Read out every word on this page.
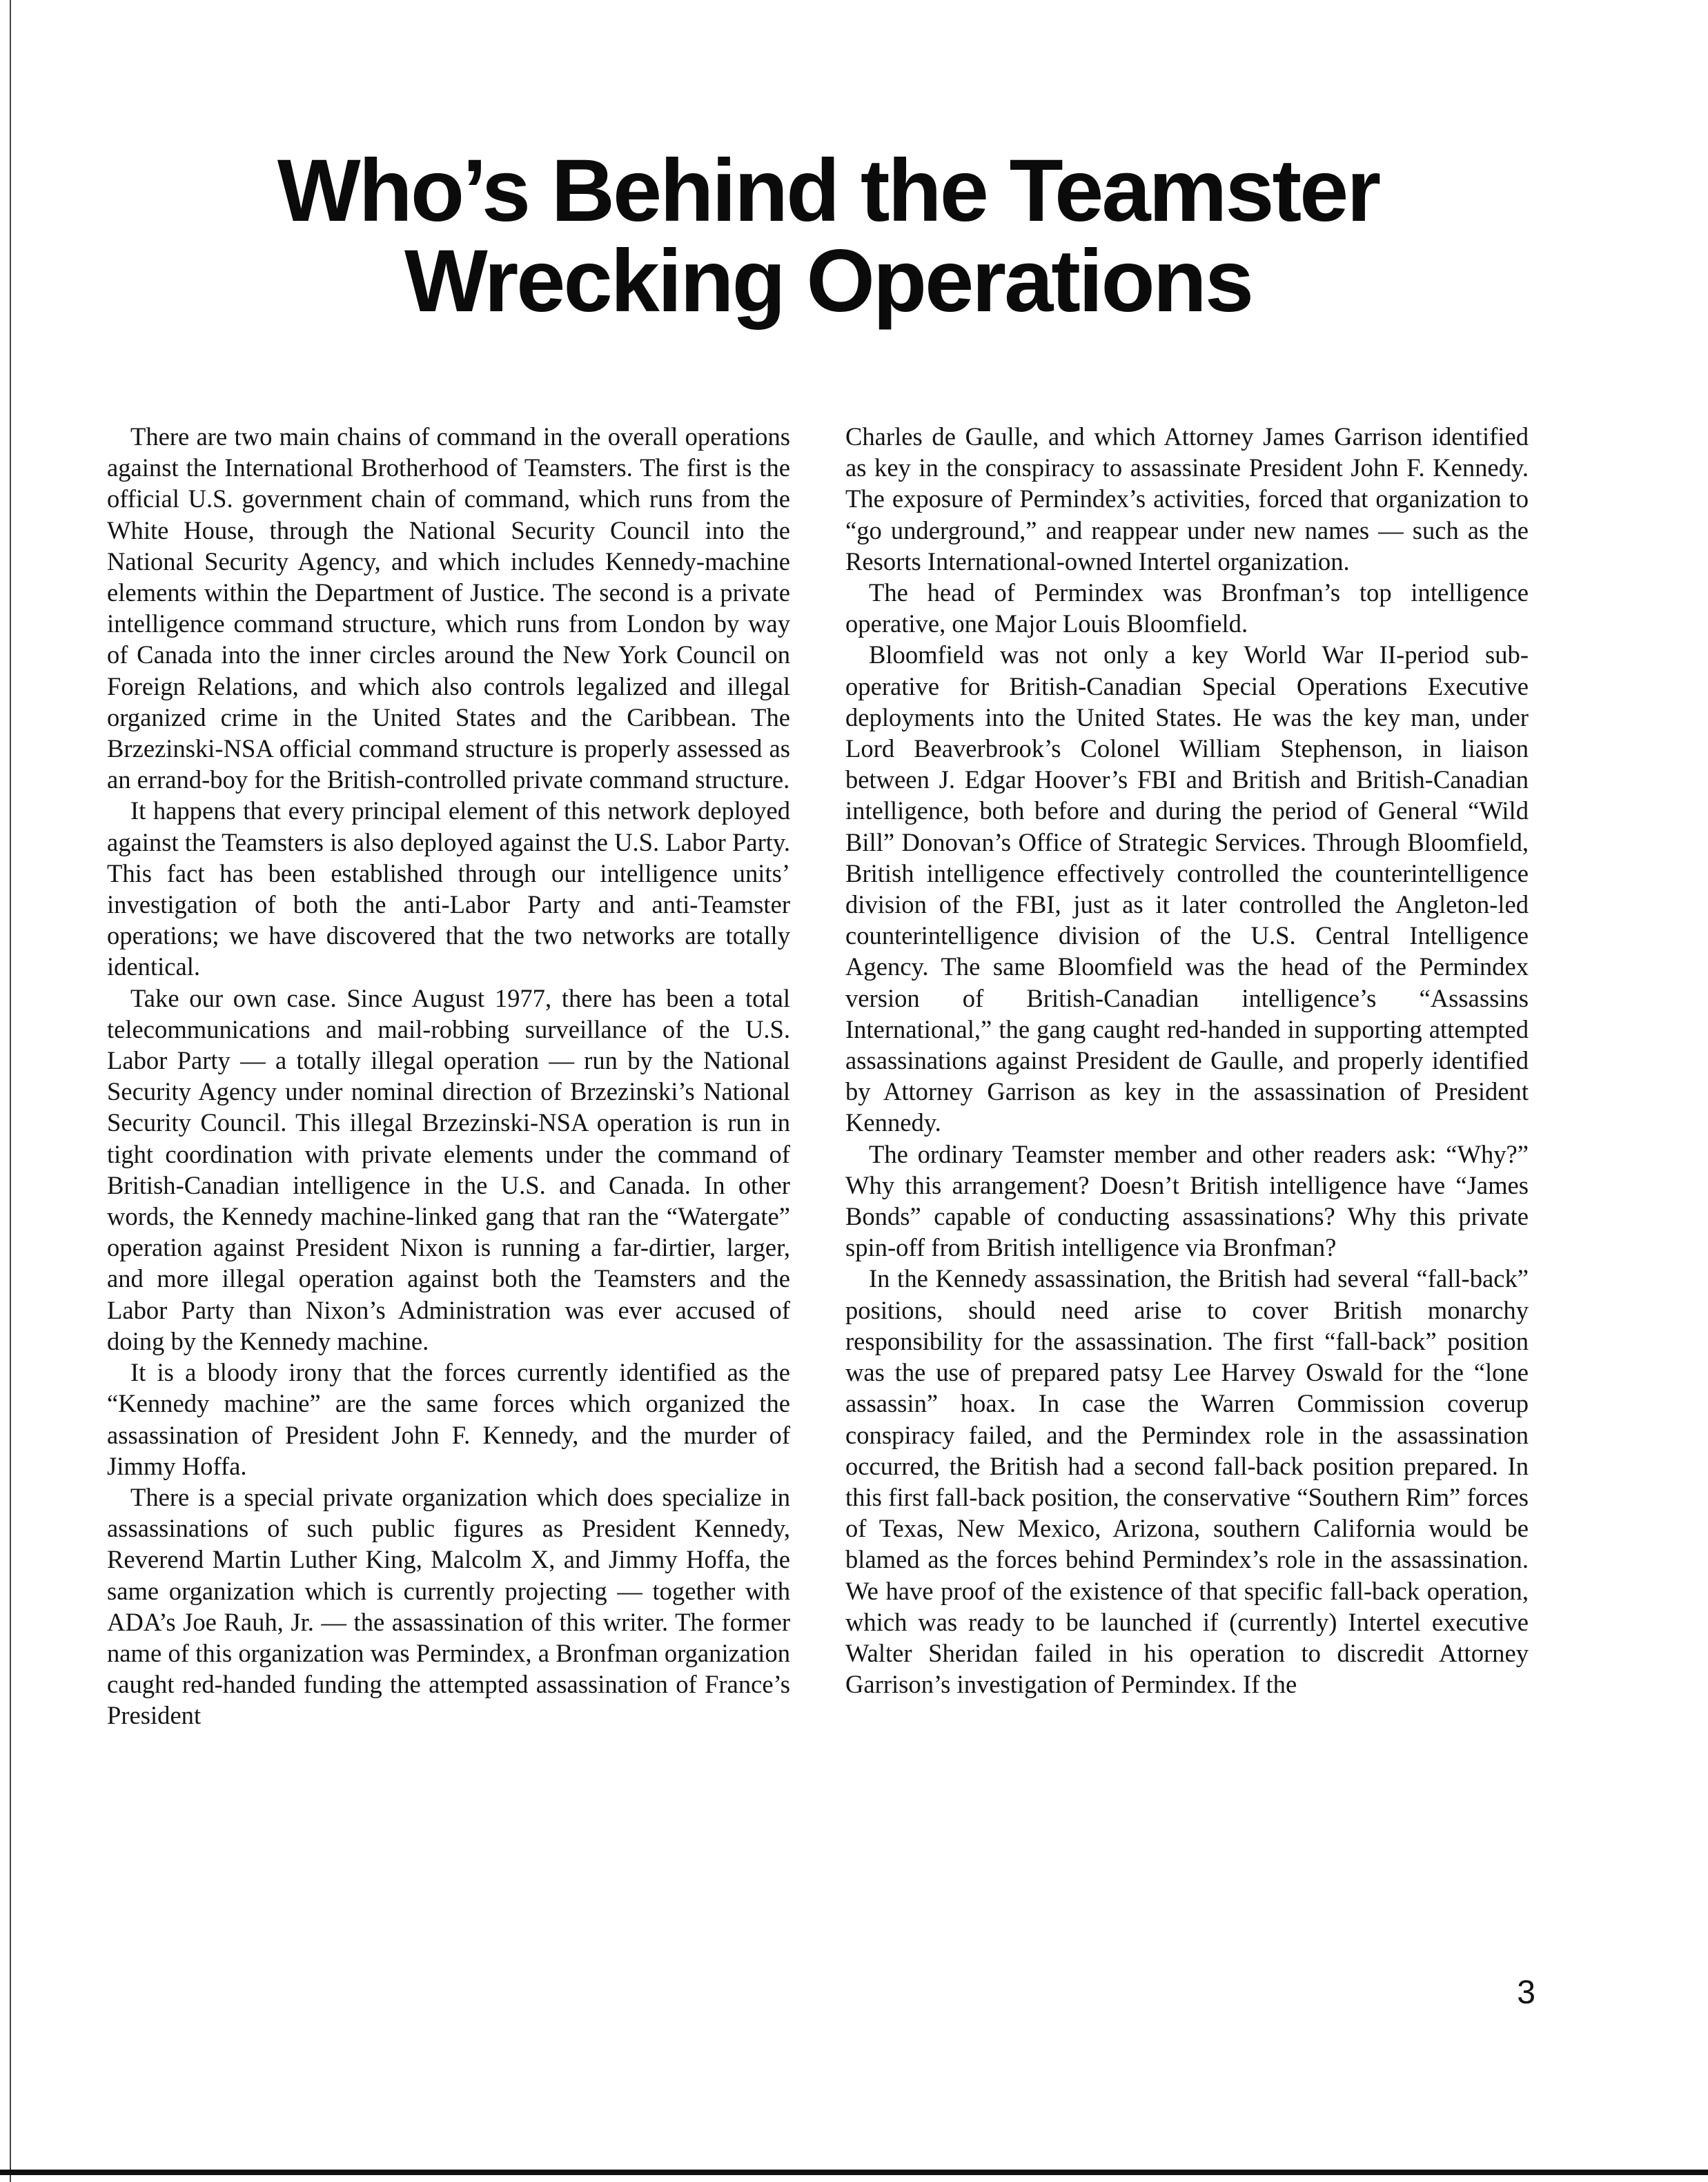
Who’s Behind the Teamster Wrecking Operations

There are two main chains of command in the overall operations against the International Brotherhood of Teamsters. The first is the official U.S. government chain of command, which runs from the White House, through the National Security Council into the National Security Agency, and which includes Kennedy-machine elements within the Department of Justice. The second is a private intelligence command structure, which runs from London by way of Canada into the inner circles around the New York Council on Foreign Relations, and which also controls legalized and illegal organized crime in the United States and the Caribbean. The Brzezinski-NSA official command structure is properly assessed as an errand-boy for the British-controlled private command structure.

It happens that every principal element of this network deployed against the Teamsters is also deployed against the U.S. Labor Party. This fact has been established through our intelligence units’ investigation of both the anti-Labor Party and anti-Teamster operations; we have discovered that the two networks are totally identical.

Take our own case. Since August 1977, there has been a total telecommunications and mail-robbing surveillance of the U.S. Labor Party — a totally illegal operation — run by the National Security Agency under nominal direction of Brzezinski’s National Security Council. This illegal Brzezinski-NSA operation is run in tight coordination with private elements under the command of British-Canadian intelligence in the U.S. and Canada. In other words, the Kennedy machine-linked gang that ran the “Watergate” operation against President Nixon is running a far-dirtier, larger, and more illegal operation against both the Teamsters and the Labor Party than Nixon’s Administration was ever accused of doing by the Kennedy machine.

It is a bloody irony that the forces currently identified as the “Kennedy machine” are the same forces which organized the assassination of President John F. Kennedy, and the murder of Jimmy Hoffa.

There is a special private organization which does specialize in assassinations of such public figures as President Kennedy, Reverend Martin Luther King, Malcolm X, and Jimmy Hoffa, the same organization which is currently projecting — together with ADA’s Joe Rauh, Jr. — the assassination of this writer. The former name of this organization was Permindex, a Bronfman organization caught red-handed funding the attempted assassination of France’s President

Charles de Gaulle, and which Attorney James Garrison identified as key in the conspiracy to assassinate President John F. Kennedy. The exposure of Permindex’s activities, forced that organization to “go underground,” and reappear under new names — such as the Resorts International-owned Intertel organization.

The head of Permindex was Bronfman’s top intelligence operative, one Major Louis Bloomfield.

Bloomfield was not only a key World War II-period sub-operative for British-Canadian Special Operations Executive deployments into the United States. He was the key man, under Lord Beaverbrook’s Colonel William Stephenson, in liaison between J. Edgar Hoover’s FBI and British and British-Canadian intelligence, both before and during the period of General “Wild Bill” Donovan’s Office of Strategic Services. Through Bloomfield, British intelligence effectively controlled the counterintelligence division of the FBI, just as it later controlled the Angleton-led counterintelligence division of the U.S. Central Intelligence Agency. The same Bloomfield was the head of the Permindex version of British-Canadian intelligence’s “Assassins International,” the gang caught red-handed in supporting attempted assassinations against President de Gaulle, and properly identified by Attorney Garrison as key in the assassination of President Kennedy.

The ordinary Teamster member and other readers ask: “Why?” Why this arrangement? Doesn’t British intelligence have “James Bonds” capable of conducting assassinations? Why this private spin-off from British intelligence via Bronfman?

In the Kennedy assassination, the British had several “fall-back” positions, should need arise to cover British monarchy responsibility for the assassination. The first “fall-back” position was the use of prepared patsy Lee Harvey Oswald for the “lone assassin” hoax. In case the Warren Commission coverup conspiracy failed, and the Permindex role in the assassination occurred, the British had a second fall-back position prepared. In this first fall-back position, the conservative “Southern Rim” forces of Texas, New Mexico, Arizona, southern California would be blamed as the forces behind Permindex’s role in the assassination. We have proof of the existence of that specific fall-back operation, which was ready to be launched if (currently) Intertel executive Walter Sheridan failed in his operation to discredit Attorney Garrison’s investigation of Permindex. If the

3
